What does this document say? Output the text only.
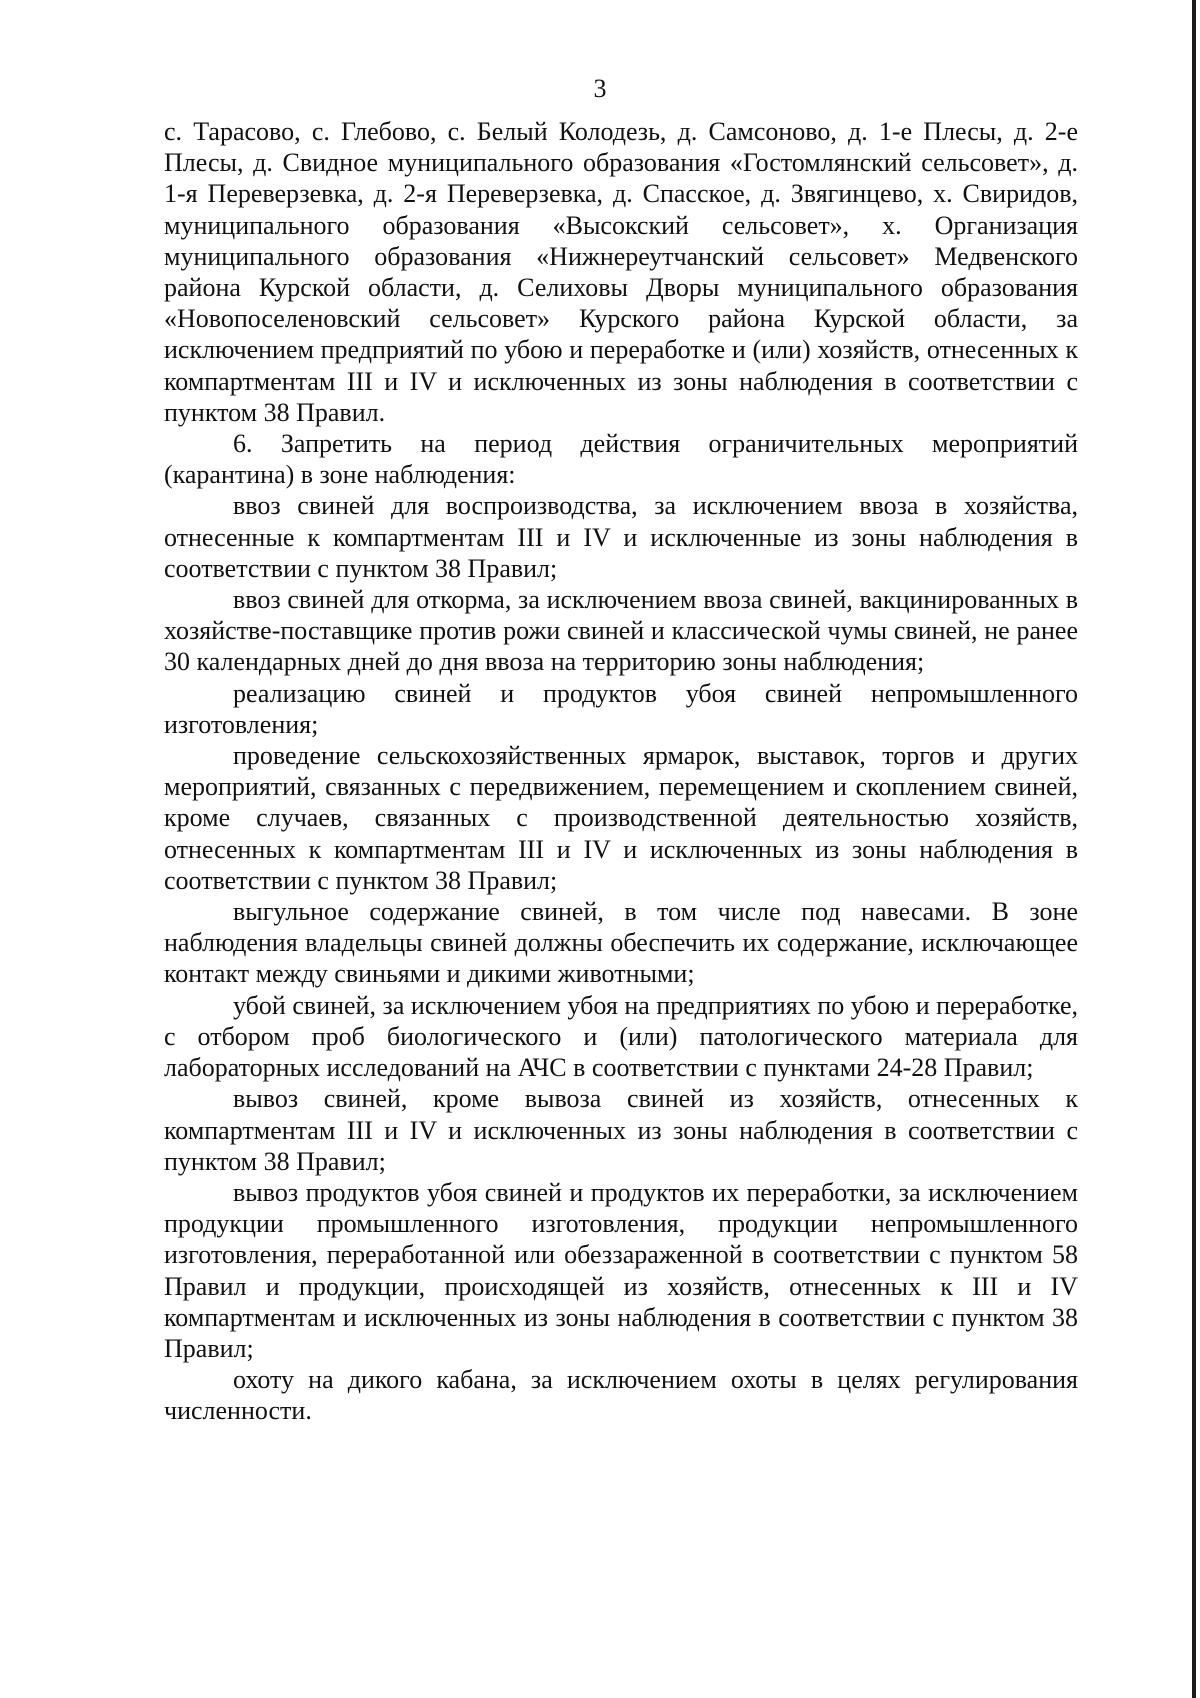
3

с. Тарасово, с. Глебово, с. Белый Колодезь, д. Самсоново, д. 1-е Плесы, д. 2-е Плесы, д. Свидное муниципального образования «Гостомлянский сельсовет», д. 1-я Переверзевка, д. 2-я Переверзевка, д. Спасское, д. Звягинцево, х. Свиридов, муниципального образования «Высокский сельсовет», х. Организация муниципального образования «Нижнереутчанский сельсовет» Медвенского района Курской области, д. Селиховы Дворы муниципального образования «Новопоселеновский сельсовет» Курского района Курской области, за исключением предприятий по убою и переработке и (или) хозяйств, отнесенных к компартментам III и IV и исключенных из зоны наблюдения в соответствии с пунктом 38 Правил.

6. Запретить на период действия ограничительных мероприятий (карантина) в зоне наблюдения:

ввоз свиней для воспроизводства, за исключением ввоза в хозяйства, отнесенные к компартментам III и IV и исключенные из зоны наблюдения в соответствии с пунктом 38 Правил;

ввоз свиней для откорма, за исключением ввоза свиней, вакцинированных в хозяйстве-поставщике против рожи свиней и классической чумы свиней, не ранее 30 календарных дней до дня ввоза на территорию зоны наблюдения;

реализацию свиней и продуктов убоя свиней непромышленного изготовления;

проведение сельскохозяйственных ярмарок, выставок, торгов и других мероприятий, связанных с передвижением, перемещением и скоплением свиней, кроме случаев, связанных с производственной деятельностью хозяйств, отнесенных к компартментам III и IV и исключенных из зоны наблюдения в соответствии с пунктом 38 Правил;

выгульное содержание свиней, в том числе под навесами. В зоне наблюдения владельцы свиней должны обеспечить их содержание, исключающее контакт между свиньями и дикими животными;

убой свиней, за исключением убоя на предприятиях по убою и переработке, с отбором проб биологического и (или) патологического материала для лабораторных исследований на АЧС в соответствии с пунктами 24-28 Правил;

вывоз свиней, кроме вывоза свиней из хозяйств, отнесенных к компартментам III и IV и исключенных из зоны наблюдения в соответствии с пунктом 38 Правил;

вывоз продуктов убоя свиней и продуктов их переработки, за исключением продукции промышленного изготовления, продукции непромышленного изготовления, переработанной или обеззараженной в соответствии с пунктом 58 Правил и продукции, происходящей из хозяйств, отнесенных к III и IV компартментам и исключенных из зоны наблюдения в соответствии с пунктом 38 Правил;

охоту на дикого кабана, за исключением охоты в целях регулирования численности.
